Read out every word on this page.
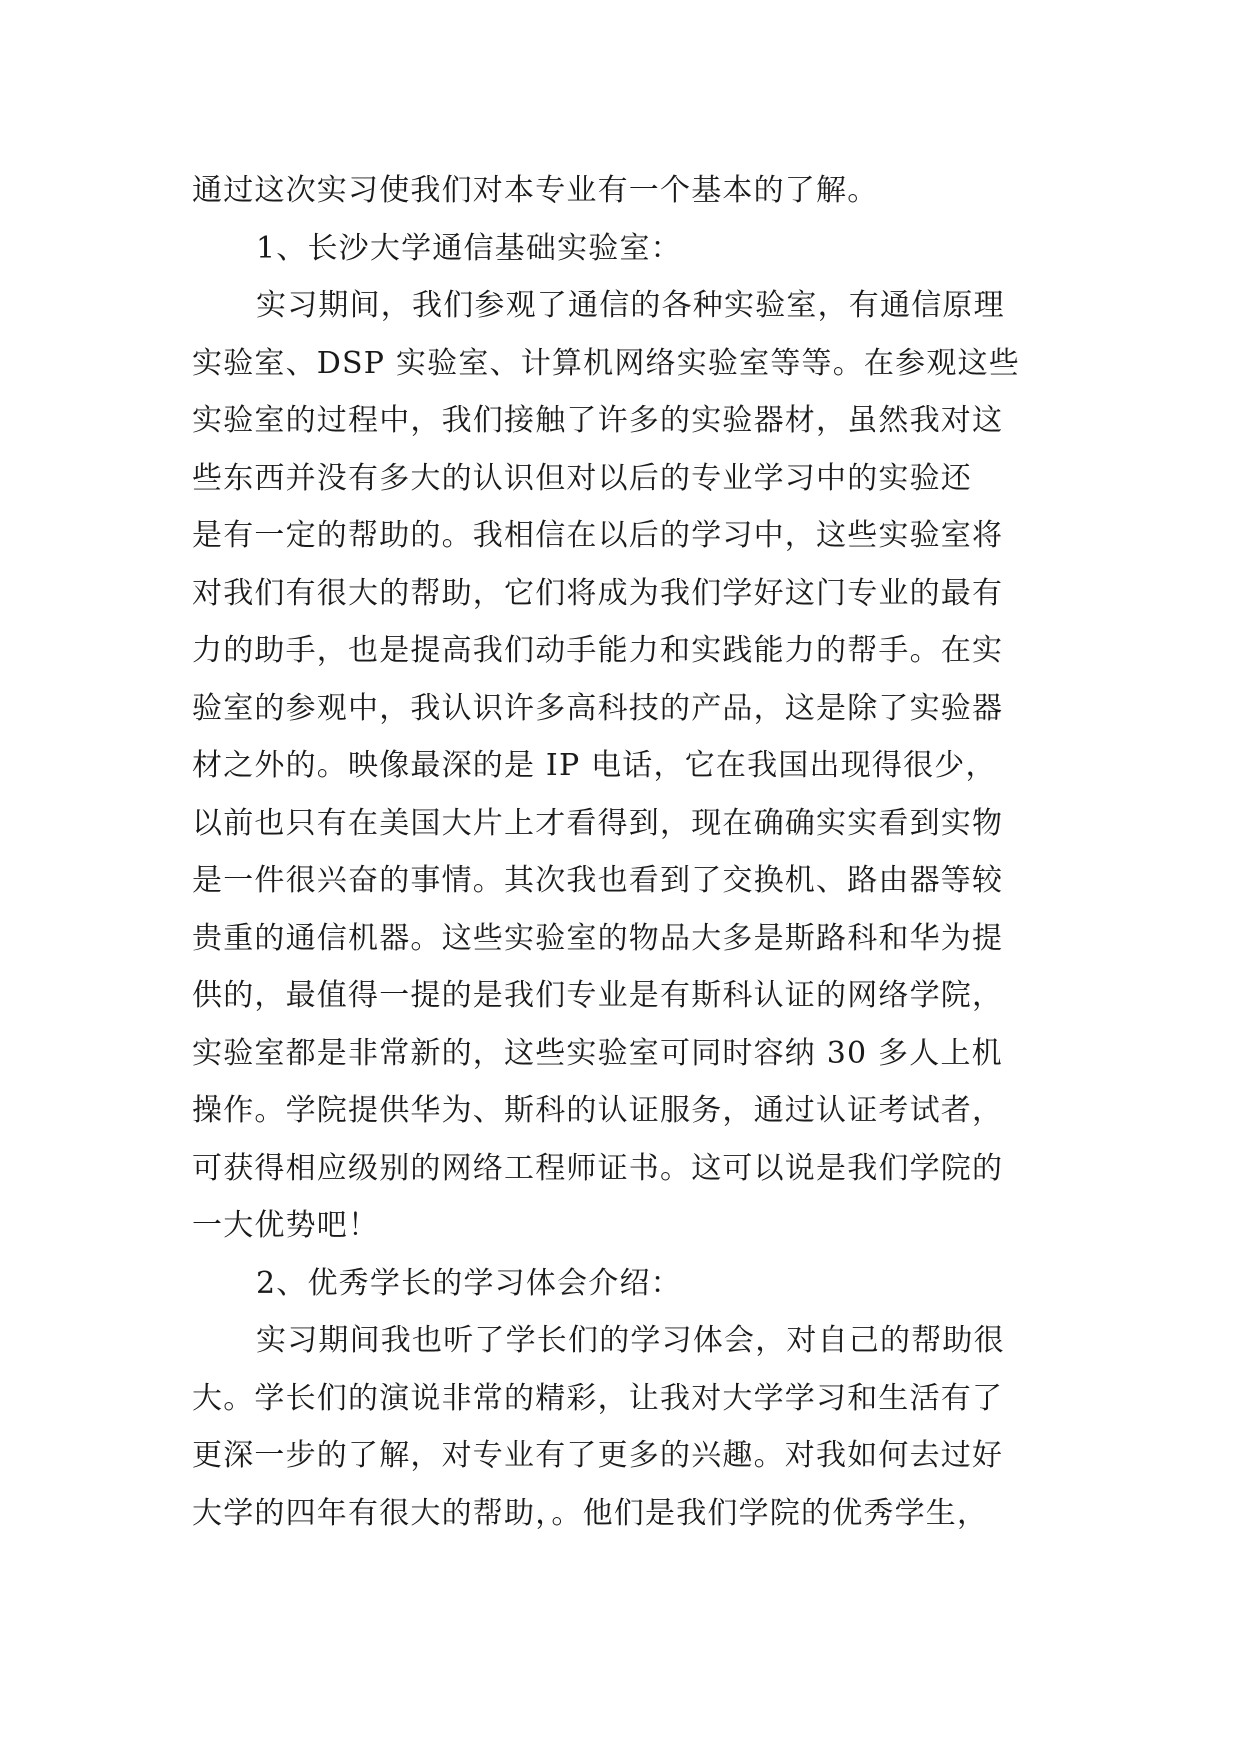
通过这次实习使我们对本专业有一个基本的了解。
1、长沙大学通信基础实验室：
实习期间，我们参观了通信的各种实验室，有通信原理
实验室、DSP 实验室、计算机网络实验室等等。在参观这些
实验室的过程中，我们接触了许多的实验器材，虽然我对这
些东西并没有多大的认识但对以后的专业学习中的实验还
是有一定的帮助的。我相信在以后的学习中，这些实验室将
对我们有很大的帮助，它们将成为我们学好这门专业的最有
力的助手，也是提高我们动手能力和实践能力的帮手。在实
验室的参观中，我认识许多高科技的产品，这是除了实验器
材之外的。映像最深的是 IP 电话，它在我国出现得很少，
以前也只有在美国大片上才看得到，现在确确实实看到实物
是一件很兴奋的事情。其次我也看到了交换机、路由器等较
贵重的通信机器。这些实验室的物品大多是斯路科和华为提
供的，最值得一提的是我们专业是有斯科认证的网络学院，
实验室都是非常新的，这些实验室可同时容纳 30 多人上机
操作。学院提供华为、斯科的认证服务，通过认证考试者，
可获得相应级别的网络工程师证书。这可以说是我们学院的
一大优势吧！
2、优秀学长的学习体会介绍：
实习期间我也听了学长们的学习体会，对自己的帮助很
大。学长们的演说非常的精彩，让我对大学学习和生活有了
更深一步的了解，对专业有了更多的兴趣。对我如何去过好
大学的四年有很大的帮助，。他们是我们学院的优秀学生，
